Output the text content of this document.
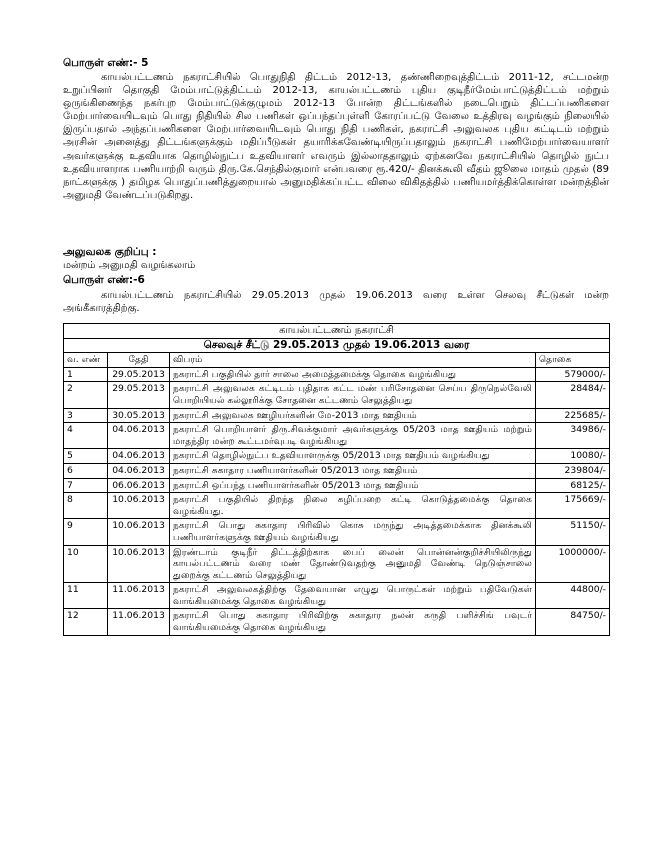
பொருள் எண்:- 5

காயல்பட்டணம் நகராட்சியில் பொதுநிதி திட்டம் 2012-13, தண்ணிறைவுத்திட்டம் 2011-12, சட்டமன்ற உறுப்பினர் தொகுதி மேம்பாட்டுத்திட்டம் 2012-13, காயல்பட்டணம் புதிய குடிநீர்மேம்பாட்டுத்திட்டம் மற்றும் ஒருங்கிணைந்த நகர்புற மேம்பாட்டுக்குழுமம் 2012-13 போன்ற திட்டங்களில் நடைபெறும் திட்டப்பணிகளை மேற்பார்வையிடவும் பொது நிதியில் சில பணிகள் ஒப்பந்தப்புள்ளி கோரப்பட்டு வேலை உத்திரவு வழங்கும் நிலையில் இருப்பதால் அந்தப்பணிகளை மேற்பார்வையிடவும் பொது நிதி பணிகள், நகராட்சி அலுவலக புதிய கட்டிடம் மற்றும் அரசின் அனைத்து திட்டங்களுக்கும் மதிப்பீடுகள் தயாரிக்கவேண்டியிருப்பதாலும் நகராட்சி பணிமேற்பார்வையாளர் அவர்களுக்கு உதவியாக தொழில்நுட்ப உதவியாளர் எவரும் இல்லாததாலும் ஏற்கனவே நகராட்சியில் தொழில் நுட்ப உதவியாளராக பணியாற்றி வரும் திரு.கே.செந்தில்குமார் என்பவரை ரூ.420/- தினக்கூலி வீதம் ஜூலை மாதம் முதல் (89 நாட்களுக்கு ) தமிழக பொதுப்பணித்துறையால் அனுமதிக்கப்பட்ட விலை விகிதத்தில் பணியமர்த்திக்கொள்ள மன்றத்தின் அனுமதி வேண்டப்படுகிறது.

அலுவலக குறிப்பு :
மன்றம் அனுமதி வழங்கலாம்
பொருள் எண்:-6

காயல்பட்டணம் நகராட்சியில் 29.05.2013 முதல் 19.06.2013 வரை உள்ள செலவு சீட்டுகள் மன்ற அங்கீகாரத்திற்கு.

காயல்பட்டணம் நகராட்சி			
செலவுச் சீட்டு 29.05.2013 முதல் 19.06.2013 வரை			
வ. எண்	தேதி	விபரம்	தொகை
1	29.05.2013	நகராட்சி பகுதியில் தார் சாலை அமைத்தமைக்கு தொகை வழங்கியது	579000/-
2	29.05.2013	நகராட்சி அலுவலக கட்டிடம் புதிதாக கட்ட மண் பரிசோதனை செய்ய திருநெல்வேலி பொறியியல் கல்லூரிக்கு சோதனை கட்டணம் செலுத்தியது	28484/-
3	30.05.2013	நகராட்சி அலுவலக ஊழியர்களின் மே-2013 மாத ஊதியம்	225685/-
4	04.06.2013	நகராட்சி பொறியாளர் திரு.சிவக்குமார் அவர்களுக்கு 05/203 மாத ஊதியம் மற்றும் மாதந்திர மன்ற கூட்டமர்வுபடி வழங்கியது	34986/-
5	04.06.2013	நகராட்சி தொழில்நுட்ப உதவியாளருக்கு 05/2013 மாத ஊதியம் வழங்கியது	10080/-
6	04.06.2013	நகராட்சி சுகாதார பணியாளர்களின் 05/2013 மாத ஊதியம்	239804/-
7	06.06.2013	நகராட்சி ஒப்பந்த பணியாளர்களின் 05/2013 மாத ஊதியம்	68125/-
8	10.06.2013	நகராட்சி பகுதியில் திறந்த நிலை கழிப்பறை கட்டி கொடுத்தமைக்கு தொகை வழங்கியது.	175669/-
9	10.06.2013	நகராட்சி பொது சுகாதார பிரிவில் கொசு மருந்து அடித்தமைக்காக தினக்கூலி பணியாளர்களுக்கு ஊதியம் வழங்கியது	51150/-
10	10.06.2013	இரண்டாம் குடிநீர் திட்டத்திற்காக பைப் லைன் பொன்னன்குறிச்சியிலிருந்து காயல்பட்டணம் வரை மண் தோண்டுவதற்கு அனுமதி வேண்டி நெடுஞ்சாலை துறைக்கு கட்டணம் செலுத்தியது	1000000/-
11	11.06.2013	நகராட்சி அலுவலகத்திற்கு தேவையான எழுது பொருட்கள் மற்றும் பதிவேடுகள் வாங்கியமைக்கு தொகை வழங்கியது	44800/-
12	11.06.2013	நகராட்சி பொது சுகாதார பிரிவிற்கு சுகாதார நலன் கருதி பளிச்சிங் பவுடர் வாங்கியமைக்கு தொகை வழங்கியது	84750/-
